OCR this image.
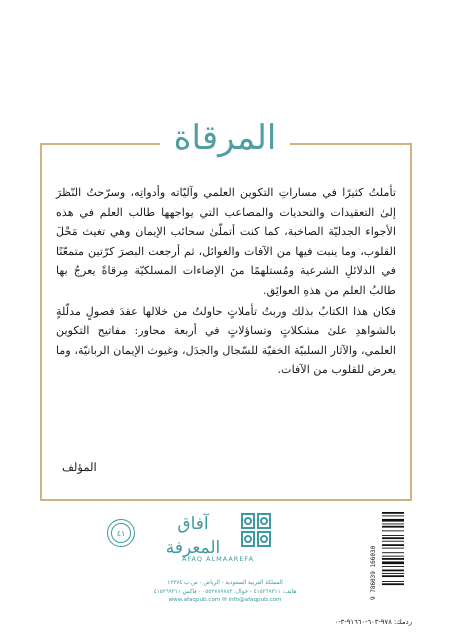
المرقاة

تأملتُ كثيرًا في مساراتِ التكوين العلمي وآليّاته وأدواتِه، وسرّحتُ النّظرَ إلىٰ التعقيدات والتحديات والمصاعب التي يواجهها طالب العلم في هذه الأجواء الجدليّة الصاخبة، كما كنت أتملّىٰ سحائب الإيمان وهي تغيث مَحْلَ القلوب، وما ينبت فيها من الآفات والغوائل، ثم أرجعت البصرَ كرّتين متمعّنًا في الدلائلِ الشرعية ومُستلهمًا منَ الإضاءات المسلكيّة مِرقاةً يعرجُ بها طالبُ العلم من هذهِ العوائِق.

فكان هذا الكتابُ بذلك وربتُ تأملاتٍ حاولتُ من خلالها عقدَ فصولٍ مدلّلةٍ بالشواهدِ علىٰ مشكلاتٍ وتساؤلاتٍ في أربعة محاور: مفاتيح التكوين العلمي، والآثار السلبيّة الخفيّة للسّجال والجدَل، وغيوث الإيمان الربانيّة، وما يعرض للقلوب من الآفات.

المؤلف
آفاق المعرفة
AFAQ ALMAAREFA
٤١
المملكة العربية السعودية - الرياض - ص.ب ١٢٣٧٤
هاتف: ٤١٥٢٦٩٣١١ - جوال: ٠٥٥٢٧٨٩٧٨٣ - فاكس ٤١٥٢٦٩٣١١
www.afaqpub.com ✉ info@afaqpub.com
9 786039 166030
ردمك: ٩٧٨-٦٠٣-٩١٦٦٠-٣-٠
